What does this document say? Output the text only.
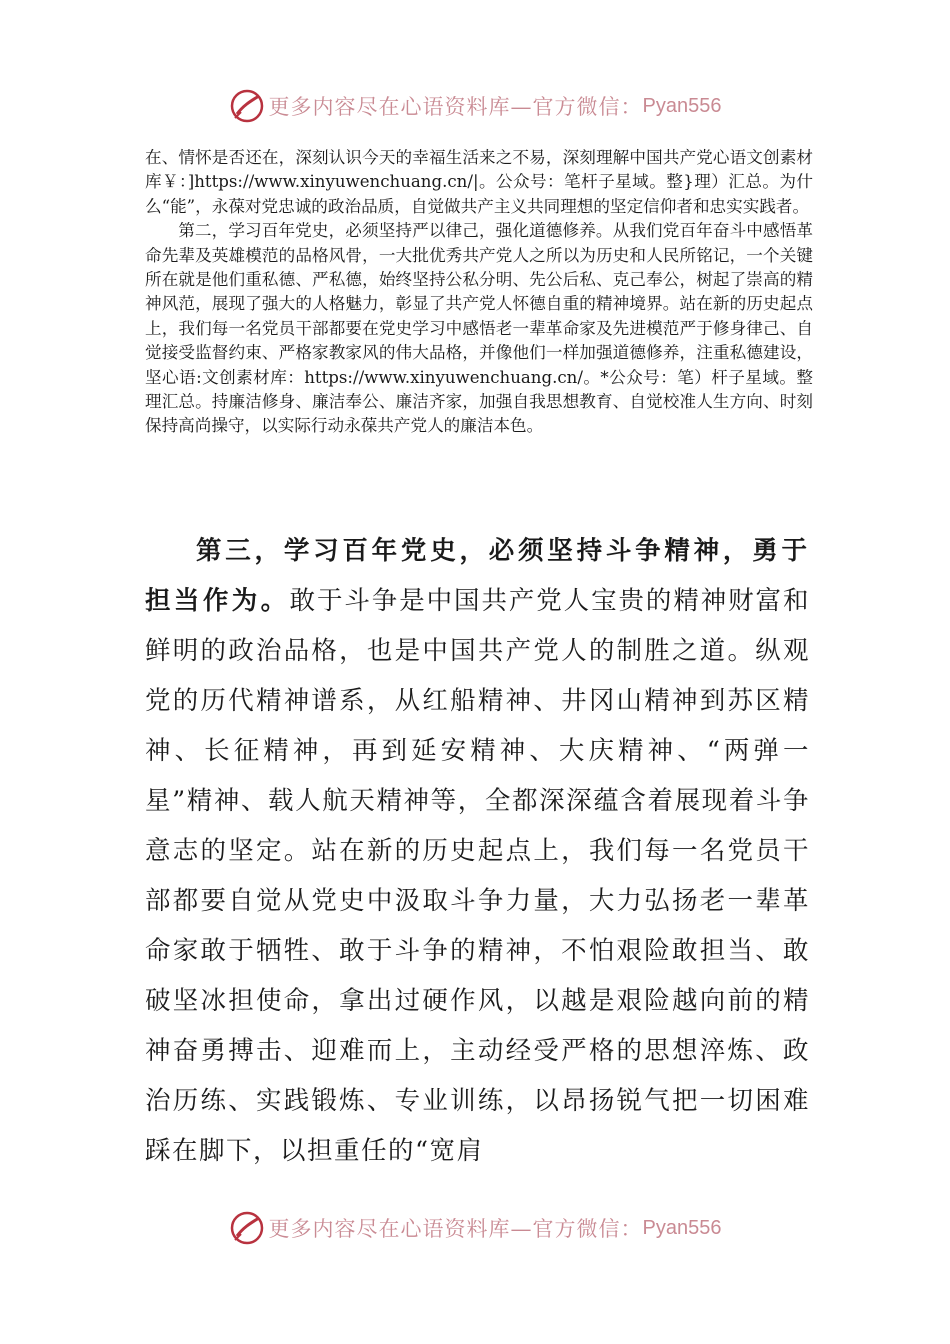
更多内容尽在心语资料库—官方微信： Pyan556

在、情怀是否还在，深刻认识今天的幸福生活来之不易，深刻理解中国共产党心语文创素材库￥：]https://www.xinyuwenchuang.cn/|。公众号：笔杆子星域。整}理）汇总。为什么“能”，永葆对党忠诚的政治品质，自觉做共产主义共同理想的坚定信仰者和忠实实践者。

第二，学习百年党史，必须坚持严以律己，强化道德修养。从我们党百年奋斗中感悟革命先辈及英雄模范的品格风骨，一大批优秀共产党人之所以为历史和人民所铭记，一个关键所在就是他们重私德、严私德，始终坚持公私分明、先公后私、克己奉公，树起了崇高的精神风范，展现了强大的人格魅力，彰显了共产党人怀德自重的精神境界。站在新的历史起点上，我们每一名党员干部都要在党史学习中感悟老一辈革命家及先进模范严于修身律己、自觉接受监督约束、严格家教家风的伟大品格，并像他们一样加强道德修养，注重私德建设，坚心语:文创素材库：https://www.xinyuwenchuang.cn/。*公众号：笔）杆子星域。整理汇总。持廉洁修身、廉洁奉公、廉洁齐家，加强自我思想教育、自觉校准人生方向、时刻保持高尚操守，以实际行动永葆共产党人的廉洁本色。

第三，学习百年党史，必须坚持斗争精神，勇于担当作为。敢于斗争是中国共产党人宝贵的精神财富和鲜明的政治品格，也是中国共产党人的制胜之道。纵观党的历代精神谱系，从红船精神、井冈山精神到苏区精神、长征精神，再到延安精神、大庆精神、“两弹一星”精神、载人航天精神等，全都深深蕴含着展现着斗争意志的坚定。站在新的历史起点上，我们每一名党员干部都要自觉从党史中汲取斗争力量，大力弘扬老一辈革命家敢于牺牲、敢于斗争的精神，不怕艰险敢担当、敢破坚冰担使命，拿出过硬作风，以越是艰险越向前的精神奋勇搏击、迎难而上，主动经受严格的思想淬炼、政治历练、实践锻炼、专业训练，以昂扬锐气把一切困难踩在脚下，以担重任的“宽肩

更多内容尽在心语资料库—官方微信： Pyan556
